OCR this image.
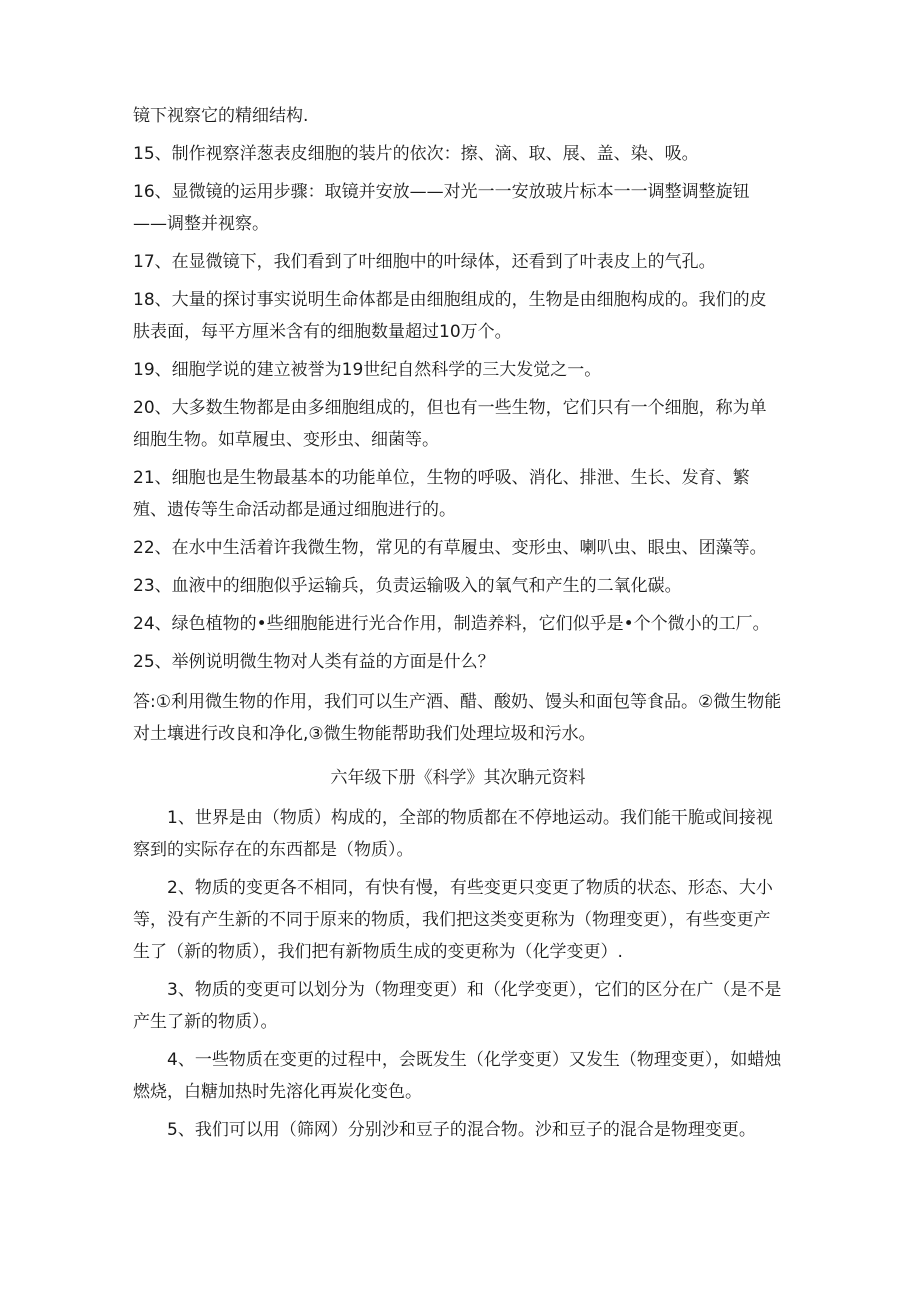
镜下视察它的精细结构.

15、制作视察洋葱表皮细胞的装片的依次：擦、滴、取、展、盖、染、吸。

16、显微镜的运用步骤：取镜并安放——对光一一安放玻片标本一一调整调整旋钮——调整并视察。

17、在显微镜下，我们看到了叶细胞中的叶绿体，还看到了叶表皮上的气孔。

18、大量的探讨事实说明生命体都是由细胞组成的，生物是由细胞构成的。我们的皮肤表面，每平方厘米含有的细胞数量超过10万个。

19、细胞学说的建立被誉为19世纪自然科学的三大发觉之一。

20、大多数生物都是由多细胞组成的，但也有一些生物，它们只有一个细胞，称为单细胞生物。如草履虫、变形虫、细菌等。

21、细胞也是生物最基本的功能单位，生物的呼吸、消化、排泄、生长、发育、繁殖、遗传等生命活动都是通过细胞进行的。

22、在水中生活着许我微生物，常见的有草履虫、变形虫、喇叭虫、眼虫、团藻等。

23、血液中的细胞似乎运输兵，负责运输吸入的氧气和产生的二氧化碳。

24、绿色植物的•些细胞能进行光合作用，制造养料，它们似乎是•个个微小的工厂。

25、举例说明微生物对人类有益的方面是什么？

答:①利用微生物的作用，我们可以生产酒、醋、酸奶、馒头和面包等食品。②微生物能对土壤进行改良和净化,③微生物能帮助我们处理垃圾和污水。

六年级下册《科学》其次聃元资料

1、世界是由（物质）构成的，全部的物质都在不停地运动。我们能干脆或间接视察到的实际存在的东西都是（物质）。

2、物质的变更各不相同，有快有慢，有些变更只变更了物质的状态、形态、大小等，没有产生新的不同于原来的物质，我们把这类变更称为（物理变更），有些变更产生了（新的物质），我们把有新物质生成的变更称为（化学变更）.

3、物质的变更可以划分为（物理变更）和（化学变更），它们的区分在广（是不是产生了新的物质）。

4、一些物质在变更的过程中，会既发生（化学变更）又发生（物理变更），如蜡烛燃烧，白糖加热时先溶化再炭化变色。

5、我们可以用（筛网）分别沙和豆子的混合物。沙和豆子的混合是物理变更。
